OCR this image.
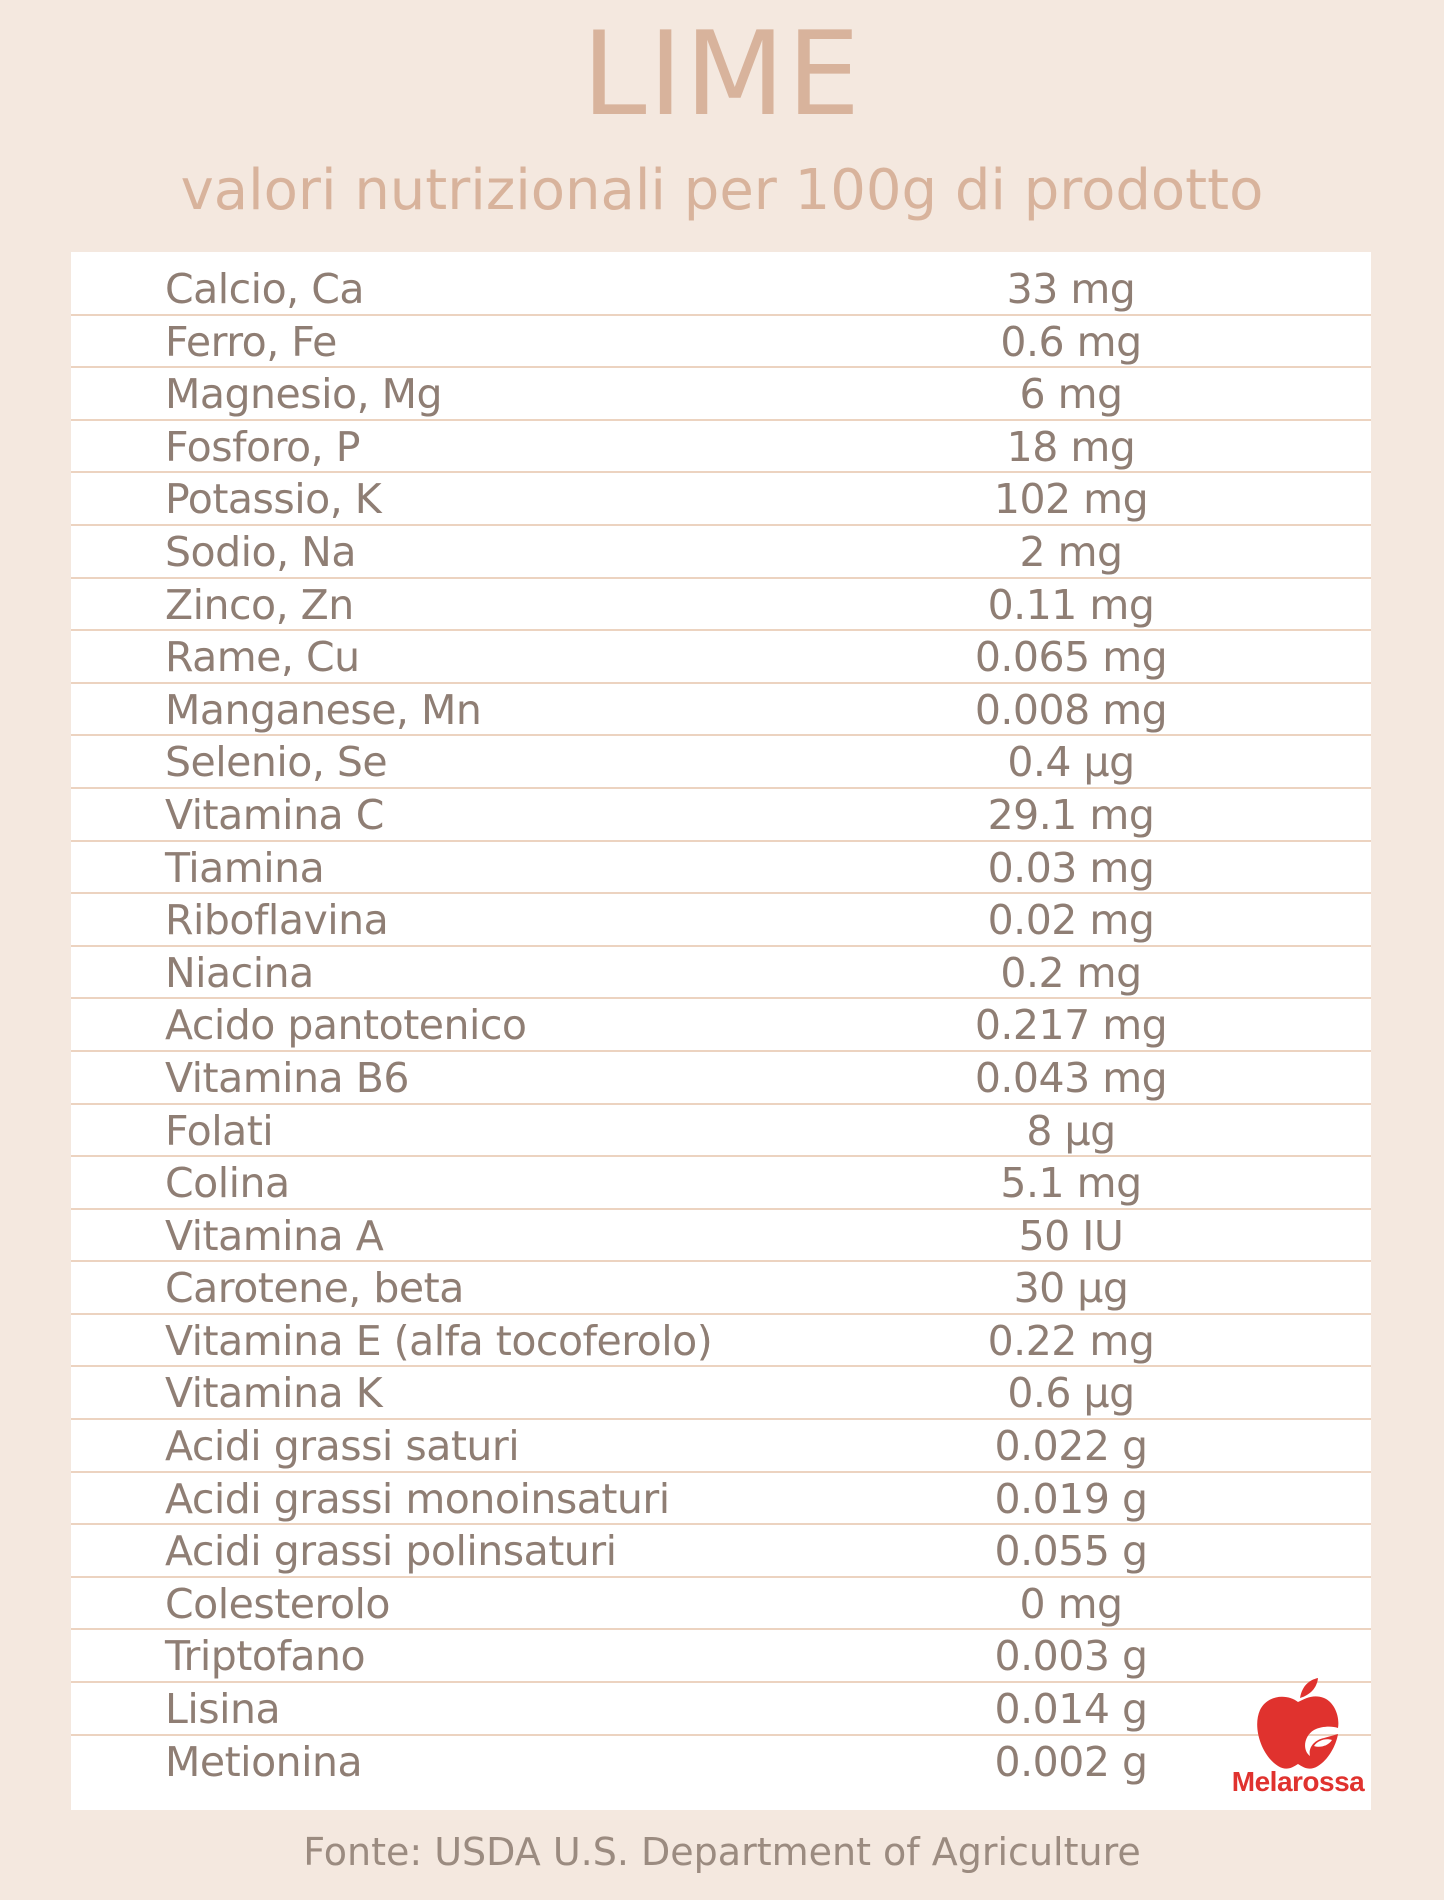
LIME
valori nutrizionali per 100g di prodotto
Calcio, Ca	33 mg
Ferro, Fe	0.6 mg
Magnesio, Mg	6 mg
Fosforo, P	18 mg
Potassio, K	102 mg
Sodio, Na	2 mg
Zinco, Zn	0.11 mg
Rame, Cu	0.065 mg
Manganese, Mn	0.008 mg
Selenio, Se	0.4 µg
Vitamina C	29.1 mg
Tiamina	0.03 mg
Riboflavina	0.02 mg
Niacina	0.2 mg
Acido pantotenico	0.217 mg
Vitamina B6	0.043 mg
Folati	8 µg
Colina	5.1 mg
Vitamina A	50 IU
Carotene, beta	30 µg
Vitamina E (alfa tocoferolo)	0.22 mg
Vitamina K	0.6 µg
Acidi grassi saturi	0.022 g
Acidi grassi monoinsaturi	0.019 g
Acidi grassi polinsaturi	0.055 g
Colesterolo	0 mg
Triptofano	0.003 g
Lisina	0.014 g
Metionina	0.002 g	Melarossa
Fonte: USDA U.S. Department of Agriculture
